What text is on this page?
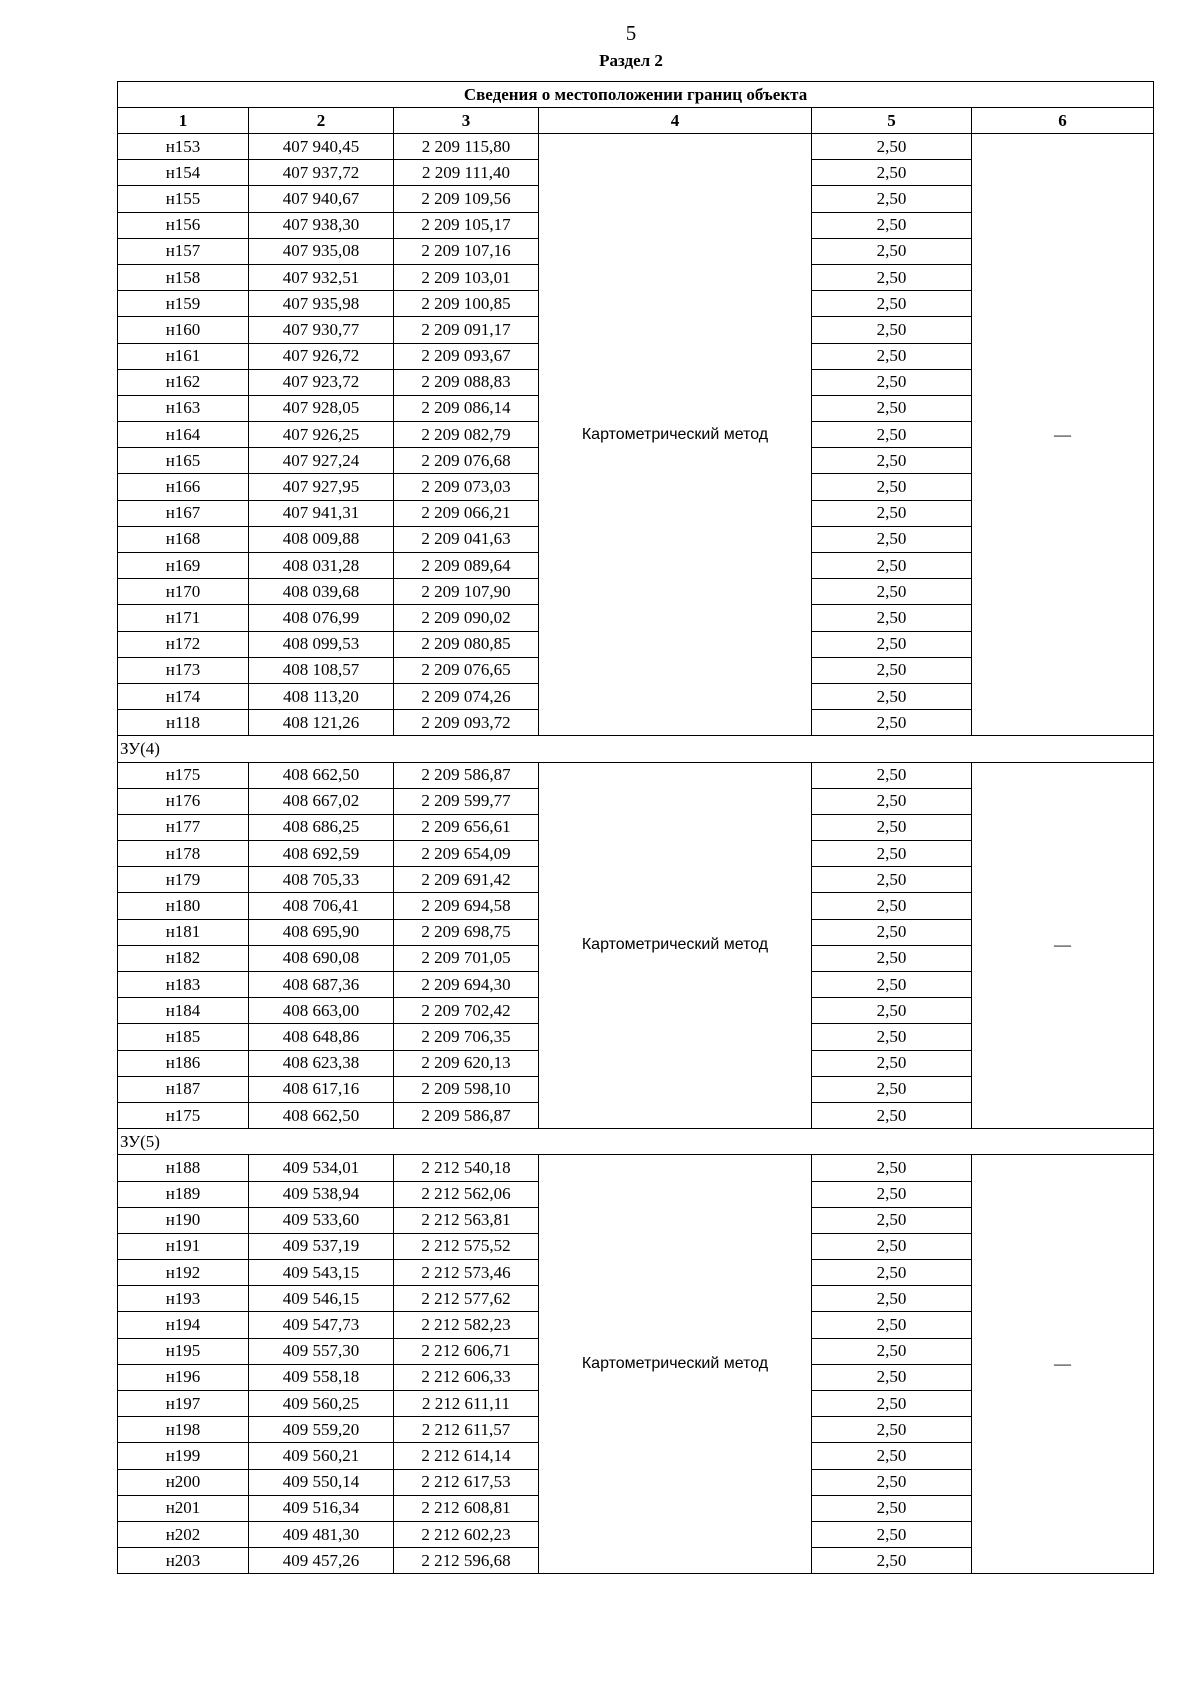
5
Раздел 2
Сведения о местоположении границ объекта					
1	2	3	4	5	6
н153	407 940,45	2 209 115,80	Картометрический метод	2,50	—
н154	407 937,72	2 209 111,40		2,50	
н155	407 940,67	2 209 109,56		2,50	
н156	407 938,30	2 209 105,17		2,50	
н157	407 935,08	2 209 107,16		2,50	
н158	407 932,51	2 209 103,01		2,50	
н159	407 935,98	2 209 100,85		2,50	
н160	407 930,77	2 209 091,17		2,50	
н161	407 926,72	2 209 093,67		2,50	
н162	407 923,72	2 209 088,83		2,50	
н163	407 928,05	2 209 086,14		2,50	
н164	407 926,25	2 209 082,79		2,50	
н165	407 927,24	2 209 076,68		2,50	
н166	407 927,95	2 209 073,03		2,50	
н167	407 941,31	2 209 066,21		2,50	
н168	408 009,88	2 209 041,63		2,50	
н169	408 031,28	2 209 089,64		2,50	
н170	408 039,68	2 209 107,90		2,50	
н171	408 076,99	2 209 090,02		2,50	
н172	408 099,53	2 209 080,85		2,50	
н173	408 108,57	2 209 076,65		2,50	
н174	408 113,20	2 209 074,26		2,50	
н118	408 121,26	2 209 093,72		2,50	
ЗУ(4)					
н175	408 662,50	2 209 586,87	Картометрический метод	2,50	—
н176	408 667,02	2 209 599,77		2,50	
н177	408 686,25	2 209 656,61		2,50	
н178	408 692,59	2 209 654,09		2,50	
н179	408 705,33	2 209 691,42		2,50	
н180	408 706,41	2 209 694,58		2,50	
н181	408 695,90	2 209 698,75		2,50	
н182	408 690,08	2 209 701,05		2,50	
н183	408 687,36	2 209 694,30		2,50	
н184	408 663,00	2 209 702,42		2,50	
н185	408 648,86	2 209 706,35		2,50	
н186	408 623,38	2 209 620,13		2,50	
н187	408 617,16	2 209 598,10		2,50	
н175	408 662,50	2 209 586,87		2,50	
ЗУ(5)					
н188	409 534,01	2 212 540,18	Картометрический метод	2,50	—
н189	409 538,94	2 212 562,06		2,50	
н190	409 533,60	2 212 563,81		2,50	
н191	409 537,19	2 212 575,52		2,50	
н192	409 543,15	2 212 573,46		2,50	
н193	409 546,15	2 212 577,62		2,50	
н194	409 547,73	2 212 582,23		2,50	
н195	409 557,30	2 212 606,71		2,50	
н196	409 558,18	2 212 606,33		2,50	
н197	409 560,25	2 212 611,11		2,50	
н198	409 559,20	2 212 611,57		2,50	
н199	409 560,21	2 212 614,14		2,50	
н200	409 550,14	2 212 617,53		2,50	
н201	409 516,34	2 212 608,81		2,50	
н202	409 481,30	2 212 602,23		2,50	
н203	409 457,26	2 212 596,68		2,50	
